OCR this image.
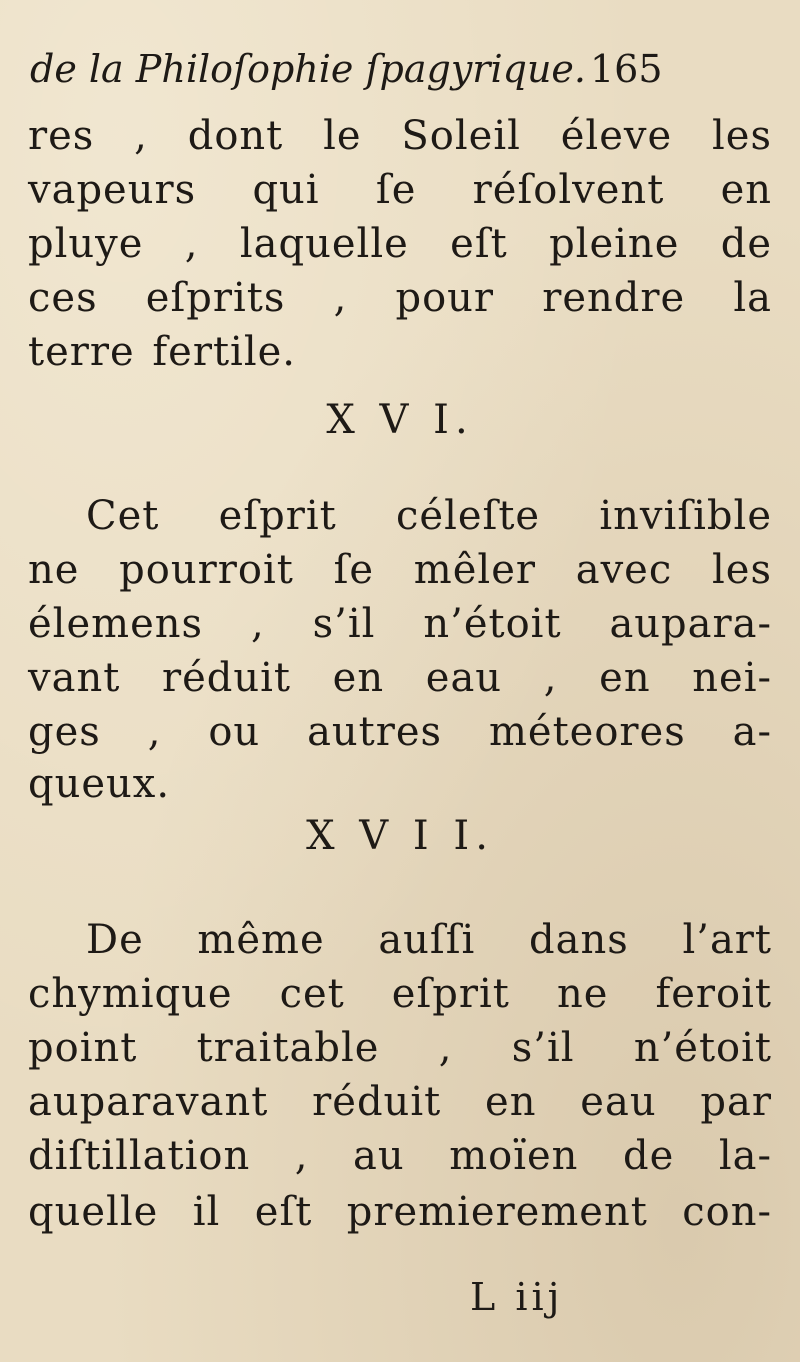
de la Philoſophie ſpagyrique. 165
res , dont le Soleil éleve les
vapeurs qui ſe réſolvent en
pluye , laquelle eſt pleine de
ces eſprits , pour rendre la
terre fertile.
X V I.
Cet eſprit céleſte inviſible
ne pourroit ſe mêler avec les
élemens , s’il n’étoit aupara-
vant réduit en eau , en nei-
ges , ou autres méteores a-
queux.
X V I I.
De même auſſi dans l’art
chymique cet eſprit ne feroit
point traitable , s’il n’étoit
auparavant réduit en eau par
diſtillation , au moïen de la-
quelle il eſt premierement con-
L iij
